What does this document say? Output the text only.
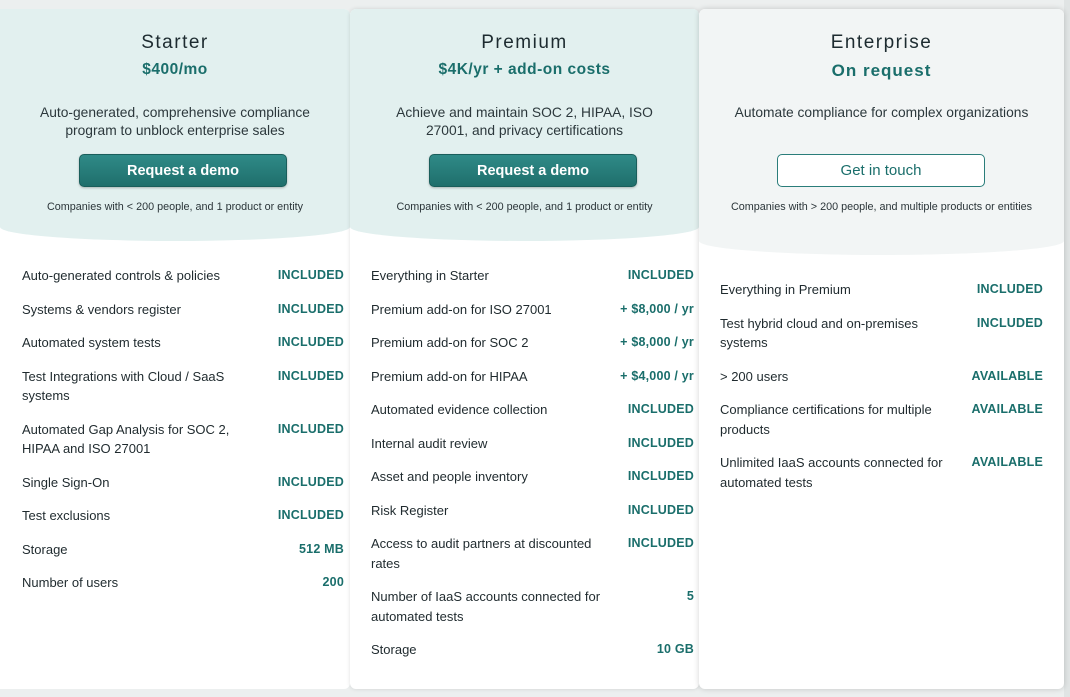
Starter
$400/mo
Auto-generated, comprehensive compliance program to unblock enterprise sales
Request a demo
Companies with < 200 people, and 1 product or entity
Auto-generated controls & policies	INCLUDED
Systems & vendors register	INCLUDED
Automated system tests	INCLUDED
Test Integrations with Cloud / SaaS systems
INCLUDED
Automated Gap Analysis for SOC 2, HIPAA and ISO 27001
INCLUDED
Single Sign-On	INCLUDED
Test exclusions	INCLUDED
Storage	512 MB
Number of users	200
Premium
$4K/yr + add-on costs
Achieve and maintain SOC 2, HIPAA, ISO 27001, and privacy certifications
Request a demo
Companies with < 200 people, and 1 product or entity
Everything in Starter	INCLUDED
Premium add-on for ISO 27001	+ $8,000 / yr
Premium add-on for SOC 2	+ $8,000 / yr
Premium add-on for HIPAA	+ $4,000 / yr
Automated evidence collection	INCLUDED
Internal audit review	INCLUDED
Asset and people inventory	INCLUDED
Risk Register	INCLUDED
Access to audit partners at discounted rates
INCLUDED
Number of IaaS accounts connected for automated tests
5
Storage	10 GB
Enterprise
On request
Automate compliance for complex organizations
Get in touch
Companies with > 200 people, and multiple products or entities
Everything in Premium	INCLUDED
Test hybrid cloud and on-premises systems
INCLUDED
> 200 users	AVAILABLE
Compliance certifications for multiple products
AVAILABLE
Unlimited IaaS accounts connected for automated tests
AVAILABLE
